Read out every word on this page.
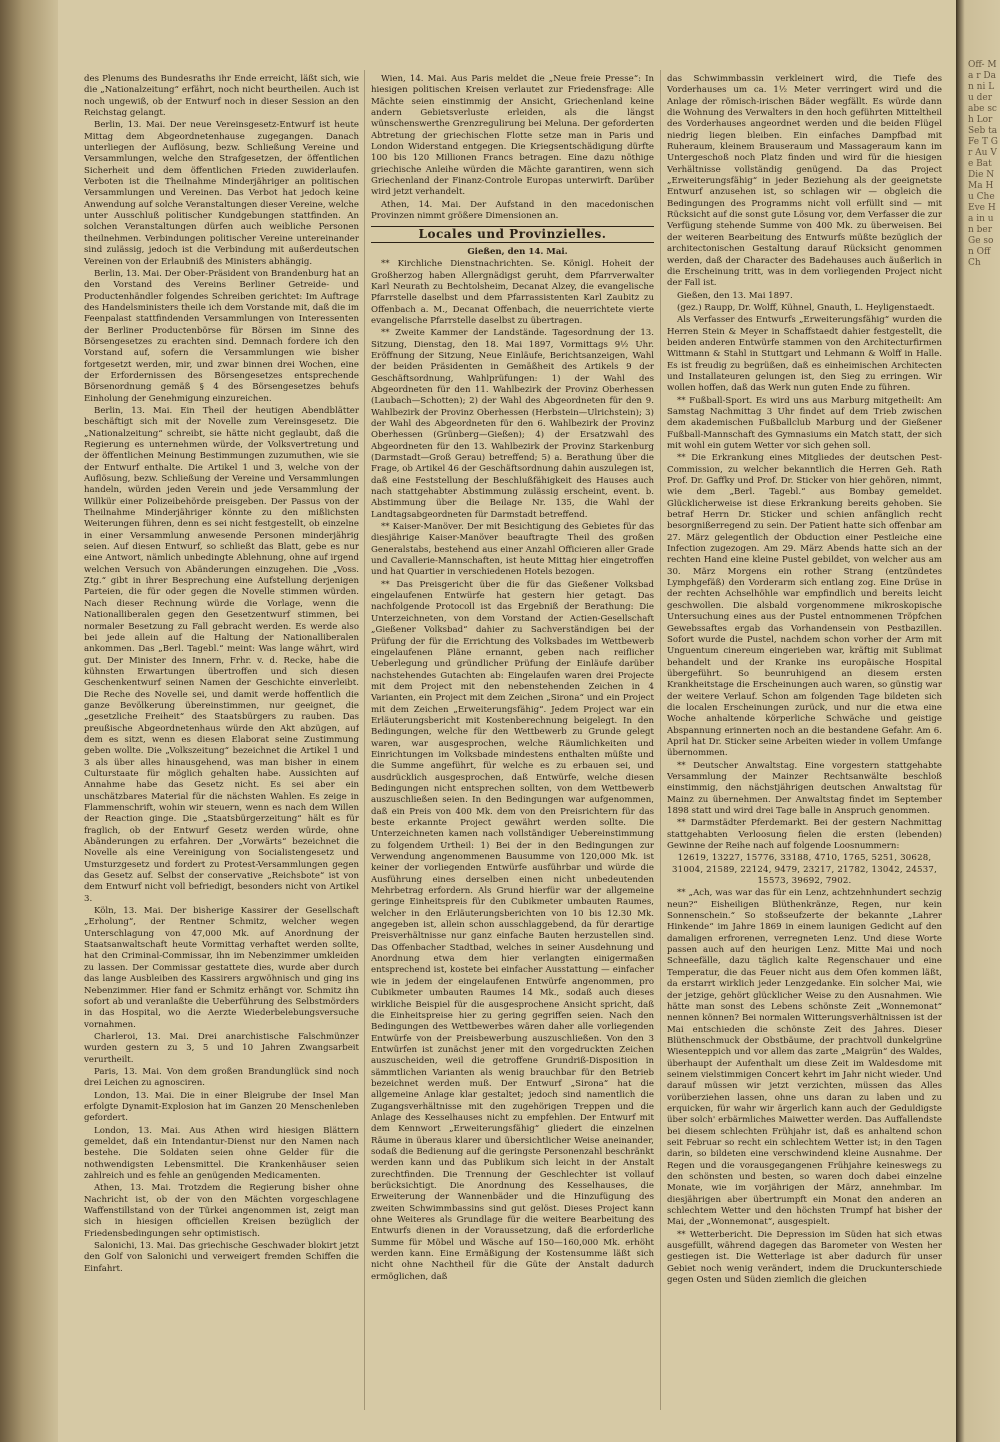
Off- Ma r Dan ni Lu der abe sch Lor Seb ta Fe T Gr Au Ve Bat Die N Ma Hu Che Eve Ha in un ber Ge son Off Ch

des Plenums des Bundesraths ihr Ende erreicht, läßt sich, wie die „Nationalzeitung“ erfährt, noch nicht beurtheilen. Auch ist noch ungewiß, ob der Entwurf noch in dieser Session an den Reichstag gelangt.

Berlin, 13. Mai. Der neue Vereinsgesetz-Entwurf ist heute Mittag dem Abgeordnetenhause zugegangen. Danach unterliegen der Auflösung, bezw. Schließung Vereine und Versammlungen, welche den Strafgesetzen, der öffentlichen Sicherheit und dem öffentlichen Frieden zuwiderlaufen. Verboten ist die Theilnahme Minderjähriger an politischen Versammlungen und Vereinen. Das Verbot hat jedoch keine Anwendung auf solche Veranstaltungen dieser Vereine, welche unter Ausschluß politischer Kundgebungen stattfinden. An solchen Veranstaltungen dürfen auch weibliche Personen theilnehmen. Verbindungen politischer Vereine untereinander sind zulässig, jedoch ist die Verbindung mit außerdeutschen Vereinen von der Erlaubniß des Ministers abhängig.

Berlin, 13. Mai. Der Ober-Präsident von Brandenburg hat an den Vorstand des Vereins Berliner Getreide- und Productenhändler folgendes Schreiben gerichtet: Im Auftrage des Handelsministers theile ich dem Vorstande mit, daß die im Feenpalast stattfindenden Versammlungen von Interessenten der Berliner Productenbörse für Börsen im Sinne des Börsengesetzes zu erachten sind. Demnach fordere ich den Vorstand auf, sofern die Versammlungen wie bisher fortgesetzt werden, mir, und zwar binnen drei Wochen, eine der Erfordernissen des Börsengesetzes entsprechende Börsenordnung gemäß § 4 des Börsengesetzes behufs Einholung der Genehmigung einzureichen.

Berlin, 13. Mai. Ein Theil der heutigen Abendblätter beschäftigt sich mit der Novelle zum Vereinsgesetz. Die „Nationalzeitung“ schreibt, sie hätte nicht geglaubt, daß die Regierung es unternehmen würde, der Volksvertretung und der öffentlichen Meinung Bestimmungen zuzumuthen, wie sie der Entwurf enthalte. Die Artikel 1 und 3, welche von der Auflösung, bezw. Schließung der Vereine und Versammlungen handeln, würden jeden Verein und jede Versammlung der Willkür einer Polizeibehörde preisgeben. Der Passus von der Theilnahme Minderjähriger könnte zu den mißlichsten Weiterungen führen, denn es sei nicht festgestellt, ob einzelne in einer Versammlung anwesende Personen minderjährig seien. Auf diesen Entwurf, so schließt das Blatt, gebe es nur eine Antwort, nämlich unbedingte Ablehnung, ohne auf irgend welchen Versuch von Abänderungen einzugehen. Die „Voss. Ztg.“ gibt in ihrer Besprechung eine Aufstellung derjenigen Parteien, die für oder gegen die Novelle stimmen würden. Nach dieser Rechnung würde die Vorlage, wenn die Nationalliberalen gegen den Gesetzentwurf stimmen, bei normaler Besetzung zu Fall gebracht werden. Es werde also bei jede allein auf die Haltung der Nationalliberalen ankommen. Das „Berl. Tagebl.“ meint: Was lange währt, wird gut. Der Minister des Innern, Frhr. v. d. Recke, habe die kühnsten Erwartungen übertroffen und sich diesen Geschenkentwurf seinen Namen der Geschichte einverleibt. Die Reche des Novelle sei, und damit werde hoffentlich die ganze Bevölkerung übereinstimmen, nur geeignet, die „gesetzliche Freiheit“ des Staatsbürgers zu rauben. Das preußische Abgeordnetenhaus würde den Akt abzügen, auf dem es sitzt, wenn es diesen Elaborat seine Zustimmung geben wollte. Die „Volkszeitung“ bezeichnet die Artikel 1 und 3 als über alles hinausgehend, was man bisher in einem Culturstaate für möglich gehalten habe. Aussichten auf Annahme habe das Gesetz nicht. Es sei aber ein unschätzbares Material für die nächsten Wahlen. Es zeige in Flammenschrift, wohin wir steuern, wenn es nach dem Willen der Reaction ginge. Die „Staatsbürgerzeitung“ hält es für fraglich, ob der Entwurf Gesetz werden würde, ohne Abänderungen zu erfahren. Der „Vorwärts“ bezeichnet die Novelle als eine Vereinigung von Socialistengesetz und Umsturzgesetz und fordert zu Protest-Versammlungen gegen das Gesetz auf. Selbst der conservative „Reichsbote“ ist von dem Entwurf nicht voll befriedigt, besonders nicht von Artikel 3.

Köln, 13. Mai. Der bisherige Kassirer der Gesellschaft „Erholung“, der Rentner Schmitz, welcher wegen Unterschlagung von 47,000 Mk. auf Anordnung der Staatsanwaltschaft heute Vormittag verhaftet werden sollte, hat den Criminal-Commissar, ihn im Nebenzimmer umkleiden zu lassen. Der Commissar gestattete dies, wurde aber durch das lange Ausbleiben des Kassirers argwöhnisch und ging ins Nebenzimmer. Hier fand er Schmitz erhängt vor. Schmitz ihn sofort ab und veranlaßte die Ueberführung des Selbstmörders in das Hospital, wo die Aerzte Wiederbelebungsversuche vornahmen.

Charleroi, 13. Mai. Drei anarchistische Falschmünzer wurden gestern zu 3, 5 und 10 Jahren Zwangsarbeit verurtheilt.

Paris, 13. Mai. Von dem großen Brandunglück sind noch drei Leichen zu agnosciren.

London, 13. Mai. Die in einer Bleigrube der Insel Man erfolgte Dynamit-Explosion hat im Ganzen 20 Menschenleben gefordert.

London, 13. Mai. Aus Athen wird hiesigen Blättern gemeldet, daß ein Intendantur-Dienst nur den Namen nach bestehe. Die Soldaten seien ohne Gelder für die nothwendigsten Lebensmittel. Die Krankenhäuser seien zahlreich und es fehle an genügenden Medicamenten.

Athen, 13. Mai. Trotzdem die Regierung bisher ohne Nachricht ist, ob der von den Mächten vorgeschlagene Waffenstillstand von der Türkei angenommen ist, zeigt man sich in hiesigen officiellen Kreisen bezüglich der Friedensbedingungen sehr optimistisch.

Salonichi, 13. Mai. Das griechische Geschwader blokirt jetzt den Golf von Salonichi und verweigert fremden Schiffen die Einfahrt.

Wien, 14. Mai. Aus Paris meldet die „Neue freie Presse“: In hiesigen politischen Kreisen verlautet zur Friedensfrage: Alle Mächte seien einstimmig der Ansicht, Griechenland keine andern Gebietsverluste erleiden, als die längst wünschenswerthe Grenzregulirung bei Meluna. Der geforderten Abtretung der griechischen Flotte setze man in Paris und London Widerstand entgegen. Die Kriegsentschädigung dürfte 100 bis 120 Millionen Francs betragen. Eine dazu nöthige griechische Anleihe würden die Mächte garantiren, wenn sich Griechenland der Finanz-Controle Europas unterwirft. Darüber wird jetzt verhandelt.

Athen, 14. Mai. Der Aufstand in den macedonischen Provinzen nimmt größere Dimensionen an.

Locales und Provinzielles.

Gießen, den 14. Mai.

** Kirchliche Dienstnachrichten. Se. Königl. Hoheit der Großherzog haben Allergnädigst geruht, dem Pfarrverwalter Karl Neurath zu Bechtolsheim, Decanat Alzey, die evangelische Pfarrstelle daselbst und dem Pfarrassistenten Karl Zaubitz zu Offenbach a. M., Decanat Offenbach, die neuerrichtete vierte evangelische Pfarrstelle daselbst zu übertragen.

** Zweite Kammer der Landstände. Tagesordnung der 13. Sitzung, Dienstag, den 18. Mai 1897, Vormittags 9½ Uhr. Eröffnung der Sitzung, Neue Einläufe, Berichtsanzeigen, Wahl der beiden Präsidenten in Gemäßheit des Artikels 9 der Geschäftsordnung, Wahlprüfungen: 1) der Wahl des Abgeordneten für den 11. Wahlbezirk der Provinz Oberhessen (Laubach—Schotten); 2) der Wahl des Abgeordneten für den 9. Wahlbezirk der Provinz Oberhessen (Herbstein—Ulrichstein); 3) der Wahl des Abgeordneten für den 6. Wahlbezirk der Provinz Oberhessen (Grünberg—Gießen); 4) der Ersatzwahl des Abgeordneten für den 13. Wahlbezirk der Provinz Starkenburg (Darmstadt—Groß Gerau) betreffend; 5) a. Berathung über die Frage, ob Artikel 46 der Geschäftsordnung dahin auszulegen ist, daß eine Feststellung der Beschlußfähigkeit des Hauses auch nach stattgehabter Abstimmung zulässig erscheint, event. b. Abstimmung über die Beilage Nr. 135, die Wahl der Landtagsabgeordneten für Darmstadt betreffend.

** Kaiser-Manöver. Der mit Besichtigung des Gebietes für das diesjährige Kaiser-Manöver beauftragte Theil des großen Generalstabs, bestehend aus einer Anzahl Officieren aller Grade und Cavallerie-Mannschaften, ist heute Mittag hier eingetroffen und hat Quartier in verschiedenen Hotels bezogen.

** Das Preisgericht über die für das Gießener Volksbad eingelaufenen Entwürfe hat gestern hier getagt. Das nachfolgende Protocoll ist das Ergebniß der Berathung: Die Unterzeichneten, von dem Vorstand der Actien-Gesellschaft „Gießener Volksbad“ dahier zu Sachverständigen bei der Prüfung der für die Errichtung des Volksbades im Wettbewerb eingelaufenen Pläne ernannt, geben nach reiflicher Ueberlegung und gründlicher Prüfung der Einläufe darüber nachstehendes Gutachten ab: Eingelaufen waren drei Projecte mit dem Project mit den nebenstehenden Zeichen in 4 Varianten, ein Project mit dem Zeichen „Sirona“ und ein Project mit dem Zeichen „Erweiterungsfähig“. Jedem Project war ein Erläuterungsbericht mit Kostenberechnung beigelegt. In den Bedingungen, welche für den Wettbewerb zu Grunde gelegt waren, war ausgesprochen, welche Räumlichkeiten und Einrichtungen im Volksbade mindestens enthalten müßte und die Summe angeführt, für welche es zu erbauen sei, und ausdrücklich ausgesprochen, daß Entwürfe, welche diesen Bedingungen nicht entsprechen sollten, von dem Wettbewerb auszuschließen seien. In den Bedingungen war aufgenommen, daß ein Preis von 400 Mk. dem von den Preisrichtern für das beste erkannte Project gewährt werden sollte. Die Unterzeichneten kamen nach vollständiger Uebereinstimmung zu folgendem Urtheil: 1) Bei der in den Bedingungen zur Verwendung angenommenen Bausumme von 120,000 Mk. ist keiner der vorliegenden Entwürfe ausführbar und würde die Ausführung eines derselben einen nicht unbedeutenden Mehrbetrag erfordern. Als Grund hierfür war der allgemeine geringe Einheitspreis für den Cubikmeter umbauten Raumes, welcher in den Erläuterungsberichten von 10 bis 12.30 Mk. angegeben ist, allein schon ausschlaggebend, da für derartige Preisverhältnisse nur ganz einfache Bauten herzustellen sind. Das Offenbacher Stadtbad, welches in seiner Ausdehnung und Anordnung etwa dem hier verlangten einigermaßen entsprechend ist, kostete bei einfacher Ausstattung — einfacher wie in jedem der eingelaufenen Entwürfe angenommen, pro Cubikmeter umbauten Raumes 14 Mk., sodaß auch dieses wirkliche Beispiel für die ausgesprochene Ansicht spricht, daß die Einheitspreise hier zu gering gegriffen seien. Nach den Bedingungen des Wettbewerbes wären daher alle vorliegenden Entwürfe von der Preisbewerbung auszuschließen. Von den 3 Entwürfen ist zunächst jener mit den vorgedruckten Zeichen auszuscheiden, weil die getroffene Grundriß-Disposition in sämmtlichen Varianten als wenig brauchbar für den Betrieb bezeichnet werden muß. Der Entwurf „Sirona“ hat die allgemeine Anlage klar gestaltet; jedoch sind namentlich die Zugangsverhältnisse mit den zugehörigen Treppen und die Anlage des Kesselhauses nicht zu empfehlen. Der Entwurf mit dem Kennwort „Erweiterungsfähig“ gliedert die einzelnen Räume in überaus klarer und übersichtlicher Weise aneinander, sodaß die Bedienung auf die geringste Personenzahl beschränkt werden kann und das Publikum sich leicht in der Anstalt zurechtfinden. Die Trennung der Geschlechter ist vollauf berücksichtigt. Die Anordnung des Kesselhauses, die Erweiterung der Wannenbäder und die Hinzufügung des zweiten Schwimmbassins sind gut gelöst. Dieses Project kann ohne Weiteres als Grundlage für die weitere Bearbeitung des Entwurfs dienen in der Voraussetzung, daß die erforderliche Summe für Möbel und Wäsche auf 150—160,000 Mk. erhöht werden kann. Eine Ermäßigung der Kostensumme läßt sich nicht ohne Nachtheil für die Güte der Anstalt dadurch ermöglichen, daß

das Schwimmbassin verkleinert wird, die Tiefe des Vorderhauses um ca. 1½ Meter verringert wird und die Anlage der römisch-irischen Bäder wegfällt. Es würde dann die Wohnung des Verwalters in den hoch geführten Mitteltheil des Vorderhauses angeordnet werden und die beiden Flügel niedrig liegen bleiben. Ein einfaches Dampfbad mit Ruheraum, kleinem Brauseraum und Massageraum kann im Untergeschoß noch Platz finden und wird für die hiesigen Verhältnisse vollständig genügend. Da das Project „Erweiterungsfähig“ in jeder Beziehung als der geeignetste Entwurf anzusehen ist, so schlagen wir — obgleich die Bedingungen des Programms nicht voll erfüllt sind — mit Rücksicht auf die sonst gute Lösung vor, dem Verfasser die zur Verfügung stehende Summe von 400 Mk. zu überweisen. Bei der weiteren Bearbeitung des Entwurfs müßte bezüglich der architectonischen Gestaltung darauf Rücksicht genommen werden, daß der Character des Badehauses auch äußerlich in die Erscheinung tritt, was in dem vorliegenden Project nicht der Fall ist.

Gießen, den 13. Mai 1897.

(gez.) Raupp, Dr. Wolff, Kühnel, Gnauth, L. Heyligenstaedt.

Als Verfasser des Entwurfs „Erweiterungsfähig“ wurden die Herren Stein & Meyer in Schaffstaedt dahier festgestellt, die beiden anderen Entwürfe stammen von den Architecturfirmen Wittmann & Stahl in Stuttgart und Lehmann & Wolff in Halle. Es ist freudig zu begrüßen, daß es einheimischen Architecten und Installateuren gelungen ist, den Sieg zu erringen. Wir wollen hoffen, daß das Werk nun guten Ende zu führen.

** Fußball-Sport. Es wird uns aus Marburg mitgetheilt: Am Samstag Nachmittag 3 Uhr findet auf dem Trieb zwischen dem akademischen Fußballclub Marburg und der Gießener Fußball-Mannschaft des Gymnasiums ein Match statt, der sich mit wohl ein gutem Wetter vor sich gehen soll.

** Die Erkrankung eines Mitgliedes der deutschen Pest-Commission, zu welcher bekanntlich die Herren Geh. Rath Prof. Dr. Gaffky und Prof. Dr. Sticker von hier gehören, nimmt, wie dem „Berl. Tagebl.“ aus Bombay gemeldet. Glücklicherweise ist diese Erkrankung bereits gehoben. Sie betraf Herrn Dr. Sticker und schien anfänglich recht besorgnißerregend zu sein. Der Patient hatte sich offenbar am 27. März gelegentlich der Obduction einer Pestleiche eine Infection zugezogen. Am 29. März Abends hatte sich an der rechten Hand eine kleine Pustel gebildet, von welcher aus am 30. März Morgens ein rother Strang (entzündetes Lymphgefäß) den Vorderarm sich entlang zog. Eine Drüse in der rechten Achselhöhle war empfindlich und bereits leicht geschwollen. Die alsbald vorgenommene mikroskopische Untersuchung eines aus der Pustel entnommenen Tröpfchen Gewebssaftes ergab das Vorhandensein von Pestbazillen. Sofort wurde die Pustel, nachdem schon vorher der Arm mit Unguentum cinereum eingerieben war, kräftig mit Sublimat behandelt und der Kranke ins europäische Hospital übergeführt. So beunruhigend an diesem ersten Krankheitstage die Erscheinungen auch waren, so günstig war der weitere Verlauf. Schon am folgenden Tage bildeten sich die localen Erscheinungen zurück, und nur die etwa eine Woche anhaltende körperliche Schwäche und geistige Abspannung erinnerten noch an die bestandene Gefahr. Am 6. April hat Dr. Sticker seine Arbeiten wieder in vollem Umfange übernommen.

** Deutscher Anwaltstag. Eine vorgestern stattgehabte Versammlung der Mainzer Rechtsanwälte beschloß einstimmig, den nächstjährigen deutschen Anwaltstag für Mainz zu übernehmen. Der Anwaltstag findet im September 1898 statt und wird drei Tage balle in Anspruch genommen.

** Darmstädter Pferdemarkt. Bei der gestern Nachmittag stattgehabten Verloosung fielen die ersten (lebenden) Gewinne der Reihe nach auf folgende Loosnummern:

12619, 13227, 15776, 33188, 4710, 1765, 5251, 30628, 31004, 21589, 22124, 9479, 23217, 21782, 13042, 24537, 15573, 39692, 7902.

** „Ach, was war das für ein Lenz, achtzehnhundert sechzig neun?“ Eisheiligen Blüthenkränze, Regen, nur kein Sonnenschein.“ So stoßseufzerte der bekannte „Lahrer Hinkende“ im Jahre 1869 in einem launigen Gedicht auf den damaligen erfrorenen, verregneten Lenz. Und diese Worte passen auch auf den heurigen Lenz. Mitte Mai und noch Schneefälle, dazu täglich kalte Regenschauer und eine Temperatur, die das Feuer nicht aus dem Ofen kommen läßt, da erstarrt wirklich jeder Lenzgedanke. Ein solcher Mai, wie der jetzige, gehört glücklicher Weise zu den Ausnahmen. Wie hätte man sonst des Lebens schönste Zeit „Wonnemonat“ nennen können? Bei normalen Witterungsverhältnissen ist der Mai entschieden die schönste Zeit des Jahres. Dieser Blüthenschmuck der Obstbäume, der prachtvoll dunkelgrüne Wiesenteppich und vor allem das zarte „Maigrün“ des Waldes, überhaupt der Aufenthalt um diese Zeit im Waldesdome mit seinem vielstimmigen Concert kehrt im Jahr nicht wieder. Und darauf müssen wir jetzt verzichten, müssen das Alles vorüberziehen lassen, ohne uns daran zu laben und zu erquicken, für wahr wir ärgerlich kann auch der Geduldigste über solch' erbärmliches Maiwetter werden. Das Auffallendste bei diesem schlechten Frühjahr ist, daß es anhaltend schon seit Februar so recht ein schlechtem Wetter ist; in den Tagen darin, so bildeten eine verschwindend kleine Ausnahme. Der Regen und die vorausgegangenen Frühjahre keineswegs zu den schönsten und besten, so waren doch dabei einzelne Monate, wie im vorjährigen der März, annehmbar. Im diesjährigen aber übertrumpft ein Monat den anderen an schlechtem Wetter und den höchsten Trumpf hat bisher der Mai, der „Wonnemonat“, ausgespielt.

** Wetterbericht. Die Depression im Süden hat sich etwas ausgefüllt, während dagegen das Barometer von Westen her gestiegen ist. Die Wetterlage ist aber dadurch für unser Gebiet noch wenig verändert, indem die Druckunterschiede gegen Osten und Süden ziemlich die gleichen
